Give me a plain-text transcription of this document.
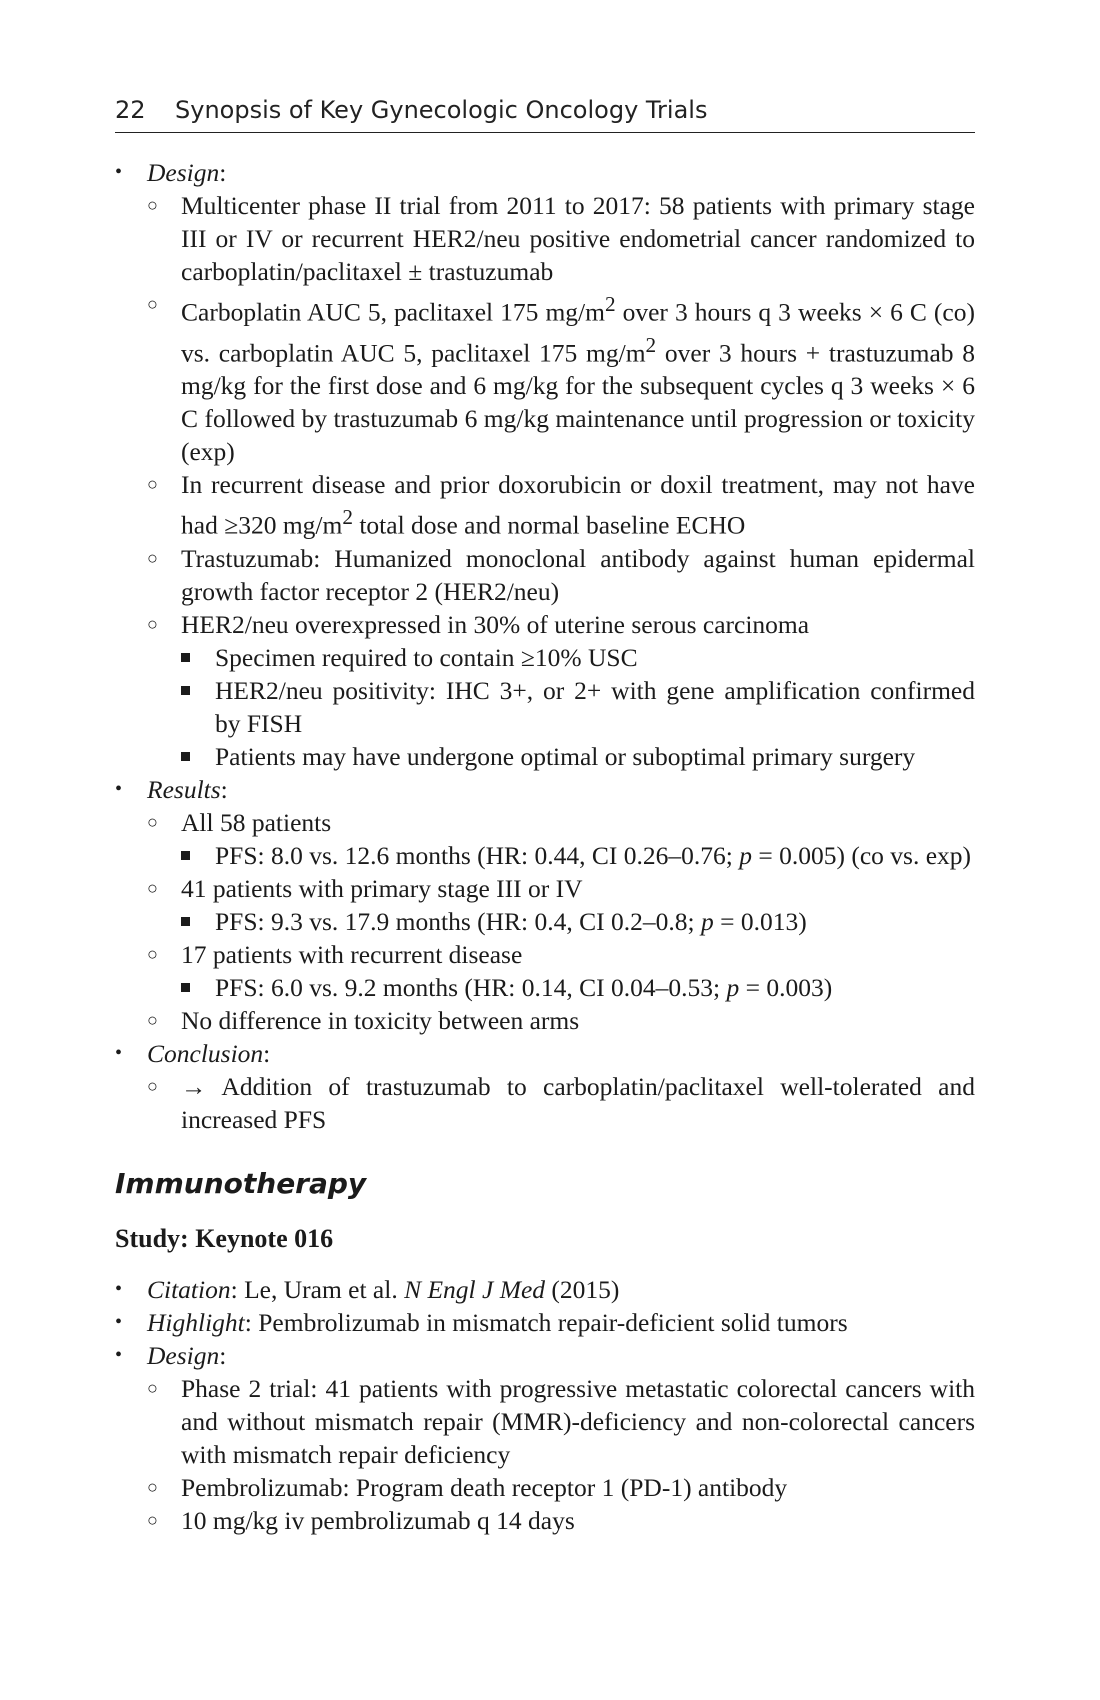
22 Synopsis of Key Gynecologic Oncology Trials
• Design:
○ Multicenter phase II trial from 2011 to 2017: 58 patients with primary stage III or IV or recurrent HER2/neu positive endometrial cancer randomized to carboplatin/paclitaxel ± trastuzumab
○ Carboplatin AUC 5, paclitaxel 175 $mg/m^2$ over 3 hours q 3 weeks × 6 C (co) vs. carboplatin AUC 5, paclitaxel 175 $mg/m^2$ over 3 hours + trastuzumab 8 mg/kg for the first dose and 6 mg/kg for the subsequent cycles q 3 weeks × 6 C followed by trastuzumab 6 mg/kg maintenance until progression or toxicity (exp)
○ In recurrent disease and prior doxorubicin or doxil treatment, may not have had ≥320 $mg/m^2$ total dose and normal baseline ECHO
○ Trastuzumab: Humanized monoclonal antibody against human epidermal growth factor receptor 2 (HER2/neu)
○ HER2/neu overexpressed in 30% of uterine serous carcinoma
Specimen required to contain ≥10% USC
HER2/neu positivity: IHC 3+, or 2+ with gene amplification confirmed by FISH
Patients may have undergone optimal or suboptimal primary surgery
• Results:
○ All 58 patients
PFS: 8.0 vs. 12.6 months (HR: 0.44, CI 0.26–0.76; p = 0.005) (co vs. exp)
○ 41 patients with primary stage III or IV
PFS: 9.3 vs. 17.9 months (HR: 0.4, CI 0.2–0.8; p = 0.013)
○ 17 patients with recurrent disease
PFS: 6.0 vs. 9.2 months (HR: 0.14, CI 0.04–0.53; p = 0.003)
○ No difference in toxicity between arms
• Conclusion:
○ → Addition of trastuzumab to carboplatin/paclitaxel well-tolerated and increased PFS
Immunotherapy
Study: Keynote 016
• Citation: Le, Uram et al. N Engl J Med (2015)
• Highlight: Pembrolizumab in mismatch repair-deficient solid tumors
• Design:
○ Phase 2 trial: 41 patients with progressive metastatic colorectal cancers with and without mismatch repair (MMR)-deficiency and non-colorectal cancers with mismatch repair deficiency
○ Pembrolizumab: Program death receptor 1 (PD-1) antibody
○ 10 mg/kg iv pembrolizumab q 14 days
